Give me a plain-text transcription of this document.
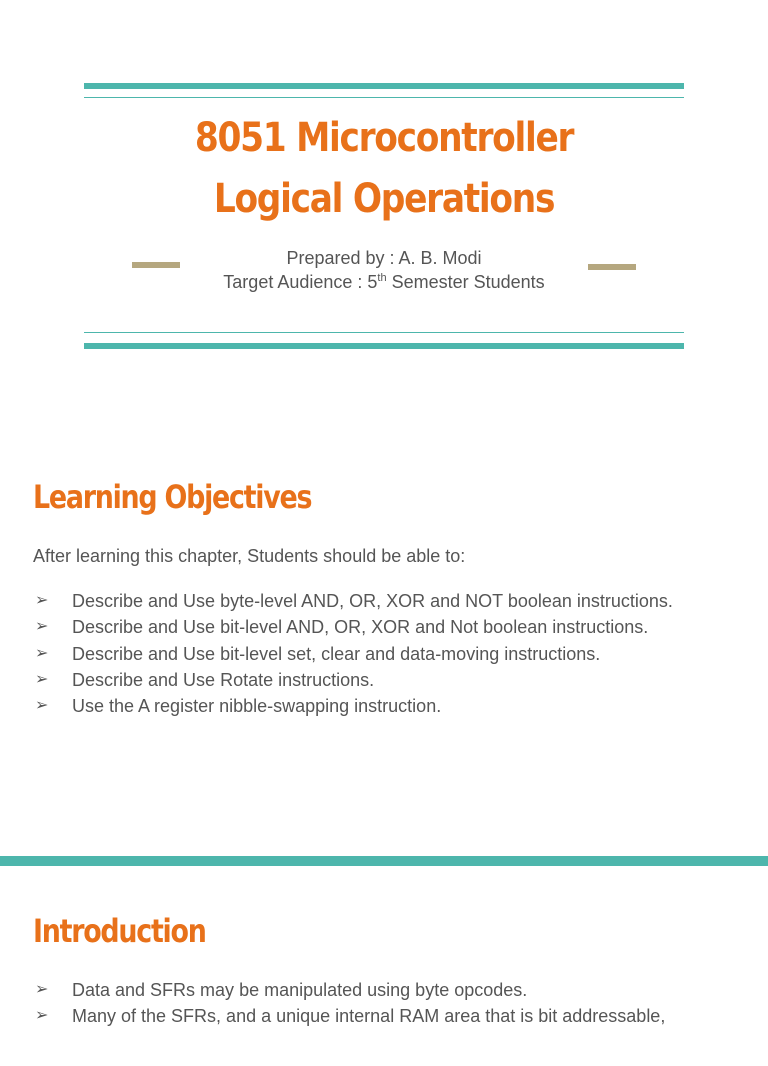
8051 Microcontroller
Logical Operations
Prepared by : A. B. Modi
Target Audience : 5th Semester Students
Learning Objectives
After learning this chapter, Students should be able to:
➢ Describe and Use byte-level AND, OR, XOR and NOT boolean instructions.
➢ Describe and Use bit-level AND, OR, XOR and Not boolean instructions.
➢ Describe and Use bit-level set, clear and data-moving instructions.
➢ Describe and Use Rotate instructions.
➢ Use the A register nibble-swapping instruction.
Introduction
➢ Data and SFRs may be manipulated using byte opcodes.
➢ Many of the SFRs, and a unique internal RAM area that is bit addressable,
